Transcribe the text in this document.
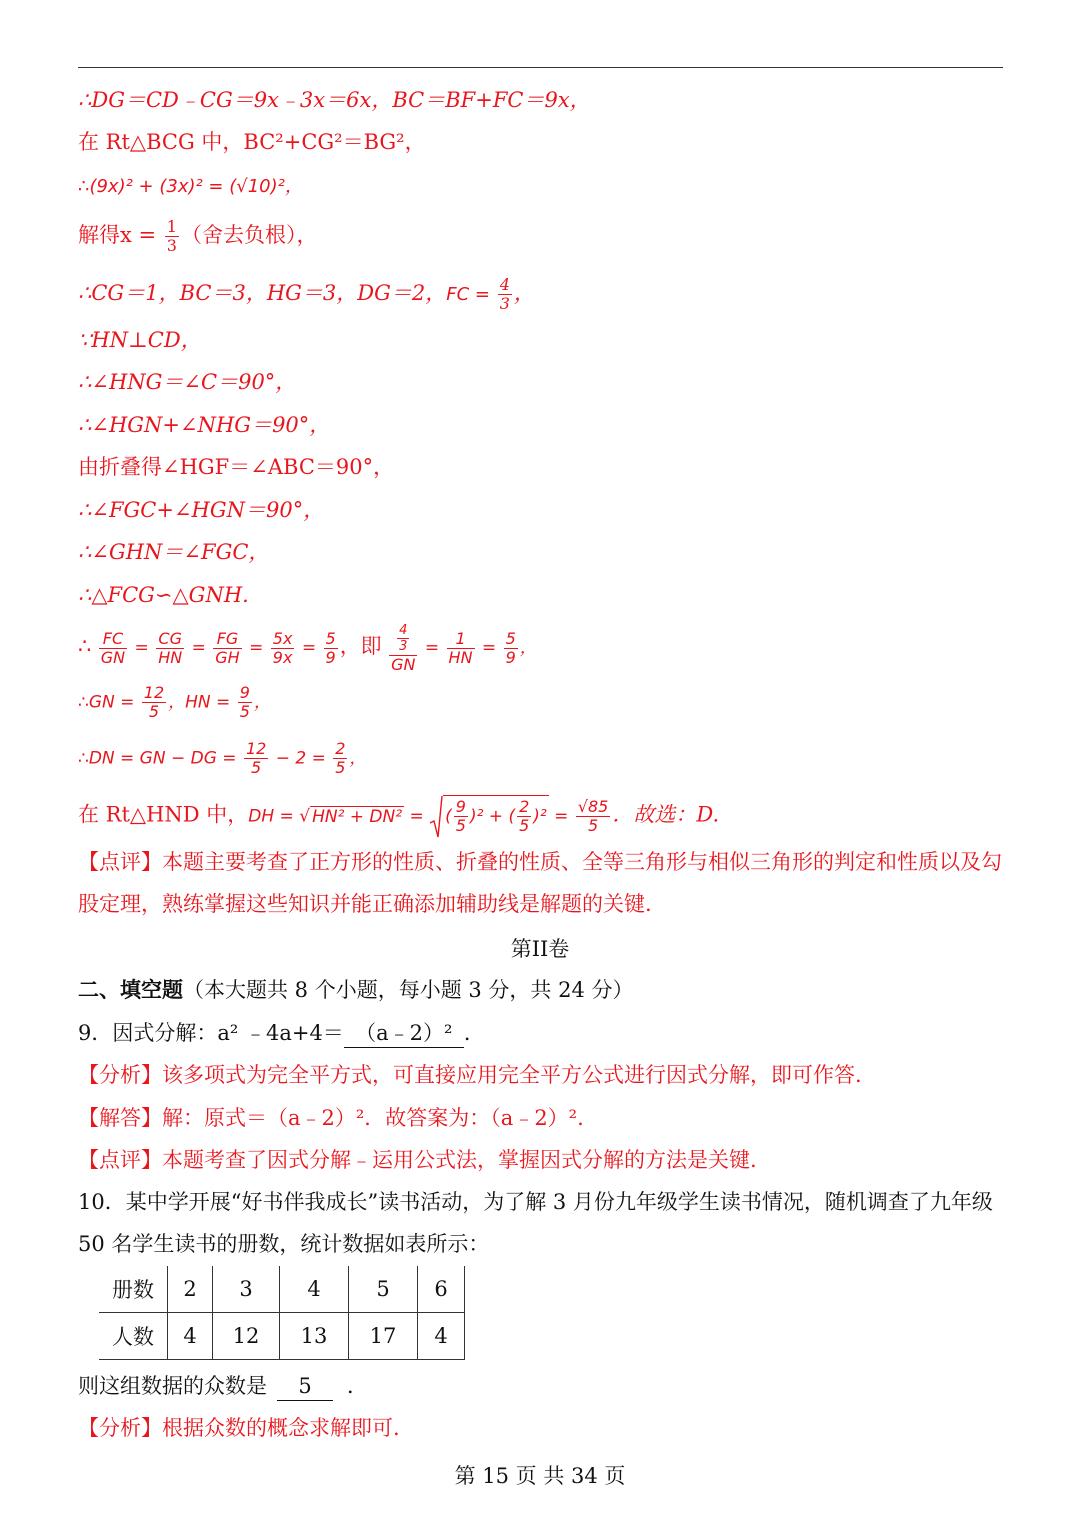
∴DG＝CD﹣CG＝9x﹣3x＝6x，BC＝BF+FC＝9x，
在 Rt△BCG 中，BC²+CG²＝BG²，
∴(9x)² + (3x)² = (√10)²，
解得$x = \frac{1}{3}$ （舍去负根），
∴CG＝1，BC＝3，HG＝3，DG＝2，FC = $\frac{4}{3}$ ，
∵HN⊥CD，
∴∠HNG＝∠C＝90°，
∴∠HGN+∠NHG＝90°，
由折叠得∠HGF＝∠ABC＝90°，
∴∠FGC+∠HGN＝90°，
∴∠GHN＝∠FGC，
∴△FCG∽△GNH.
∴ $\frac{FC}{GN} = \frac{CG}{HN} = \frac{FG}{GH} = \frac{5x}{9x} = \frac{5}{9}$ ，即 $\frac{\frac{4}{3}}{GN} = \frac{1}{HN} = \frac{5}{9}$ ，
∴GN = $\frac{12}{5}$ ，HN = $\frac{9}{5}$ ，
∴DN = GN − DG = $\frac{12}{5} - 2 = \frac{2}{5}$ ，
在 Rt△HND 中，DH = √ HN² + DN² =
( $\frac{9}{5} )^2$ + ( $\frac{2}{5} )^2 = \frac{√85}{5}$ ．故选：D.
【点评】本题主要考查了正方形的性质、折叠的性质、全等三角形与相似三角形的判定和性质以及勾股定理，熟练掌握这些知识并能正确添加辅助线是解题的关键.
第II卷
二、填空题（本大题共 8 个小题，每小题 3 分，共 24 分）
9．因式分解：a² ﹣4a+4＝ （a﹣2）² ．
【分析】该多项式为完全平方式，可直接应用完全平方公式进行因式分解，即可作答.
【解答】解：原式＝（a﹣2）²．故答案为：（a﹣2）².
【点评】本题考查了因式分解﹣运用公式法，掌握因式分解的方法是关键.
10．某中学开展“好书伴我成长”读书活动，为了解 3 月份九年级学生读书情况，随机调查了九年级 50 名学生读书的册数，统计数据如表所示：
册数	2	3	4	5	6
人数	4	12	13	17	4
则这组数据的众数是 5 ．
【分析】根据众数的概念求解即可.
第 15 页 共 34 页
